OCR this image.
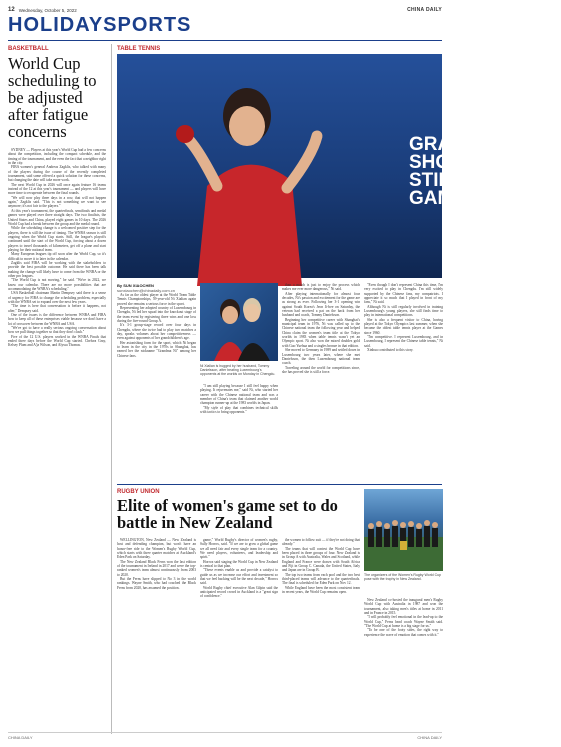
12 Wednesday, October 5, 2022	CHINA DAILY
HOLIDAYSPORTS
BASKETBALL
World Cup scheduling to be adjusted after fatigue concerns

SYDNEY — Players at this year's World Cup had a few concerns about the competition, including the compact schedule, and the timing of the tournament, and the even the fact that a neighbor right in the city.

FIBA women's general Andreas Zagklis, who talked with many of the players during the course of the recently completed tournament, said some offered a quick solution for these concerns, but changing the date will take more work.

The next World Cup in 2026 will once again feature 16 teams instead of the 12 at this year's tournament — and players will have more time to recuperate between the final rounds.

"We will now play three days in a row, that will not happen again," Zagklis said. "This is not something we want to see anymore; it's not fair to the players."

At this year's tournament, the quarterfinals, semifinals and medal games were played over three straight days. The two finalists, the United States and China, played eight games in 10 days. The 2026 World Cup had a break between the group and the medal round.

While the scheduling change is a welcomed positive step for the players, there is still the issue of timing. The WNBA season is still ongoing when the World Cup starts. Still, the league's playoffs continued until the start of the World Cup, forcing about a dozen players to travel thousands of kilometers, get off a plane and start playing for their national team.

Many European leagues tip off soon after the World Cup, so it's difficult to move it to later in the calendar.

Zagklis said FIBA will be working with the stakeholders to provide the best possible outcome. He said there has been talk making the change will likely have to come from the WNBA or the other pro leagues.

"The World Cup is not moving," he said. "We're in 2022, we know our calendar. There are no more possibilities that are accommodating the WNBA's scheduling."

USA Basketball chairman Martin Dempsey said there is a sense of urgency for FIBA to change the scheduling problem, especially with the WNBA set to expand over the next few years.

"The time is here that conversation is before it happens, not after," Dempsey said.

One of the issues is the difference between WNBA and FIBA how to keep all of these enterprises viable because we don't have a lot of crossover between the WNBA and USA.

"We've got to have a really serious ongoing conversation about how we pull things together so that they don't clash."

Five of the 12 U.S. players worked in the WNBA Finals that ended three days before the World Cup started. Chelsea Gray, Kelsey Plum and A'ja Wilson, and Alyssa Thomas.

TABLE TENNIS
GRANDMA NI SHOWS SHE'S STILL GOT GAME Evergreen 59-year-old adds to legend by shining at team world championships
By SUN XIAOCHEN
sunxiaochen@chinadaily.com.cn

As far as the oldest player at the World Team Table Tennis Championships, 59-year-old Ni Xialian again proved she remains a serious force in the sport.

Representing her adopted country of Luxembourg in Chengdu, Ni led her squad into the knockout stage of the team event by registering three wins and one loss during the five-round Group A.

It's 3-1 group-stage record over four days in Chengdu, where she twice had to play two matches a day, speaks volumes about her competitiveness — even against opponents of her grandchildren's age.

Her astonishing form for the sport, which Ni began to learn in the city in the 1970s in Shanghai, has earned her the nickname "Grandma Ni" among her Chinese fans.

Ni Xialian is hugged by her husband, Tommy Danielsson, after beating Luxembourg's opponents at the worlds on Monday in Chengdu.

"I am still playing because I still feel happy when playing. It rejuvenates me," said Ni, who started her career with the Chinese national team and was a member of China's team that claimed another world champion runner-up at the 1983 worlds in Japan.

"My style of play that combines technical skills with tactics to bring opponents."

than a match is just to enjoy the process which makes me ever more dangerous," Ni said.

After playing internationally for almost four decades, Ni's passion and excitement for the game are as strong as ever. Following her 3-1 opening win against South Korea's Jeon Ji-hee on Saturday, the veteran had received a pat on the back from her husband and coach, Tommy Danielsson.

Beginning her competitive career with Shanghai's municipal team in 1976, Ni was called up to the Chinese national team the following year and helped China claim the women's team title at the Tokyo worlds in 1983 when table tennis wasn't yet an Olympic sport. Ni also won the mixed doubles gold with Guo Yuehua and a singles bronze in that edition.

She moved to Germany in 1989 and settled down in Luxembourg two years later, where she met Danielsson, the then Luxembourg national team coach.

Traveling around the world for competitions since, she has proved she is still a force.

"Even though I don't represent China this time, I'm very excited to play in Chengdu. I'm still widely supported by the Chinese fans, my compatriots. I appreciate it so much that I played in front of my fans," Ni said.

Although Ni is still regularly involved in training Luxembourg's young players, she still finds time to play in international competitions.

She is also a frequent visitor to China, having played at the Tokyo Olympics last summer, when she became the oldest table tennis player at the Games since 1960.

"I'm competitive. I represent Luxembourg, and in Luxembourg, I represent the Chinese table tennis," Ni said.

Xinhua contributed to this story.

RUGBY UNION
Elite of women's game set to do battle in New Zealand

WELLINGTON, New Zealand — New Zealand is host and defending champion, but won't have an honor-free ride to the Women's Rugby World Cup, which starts with three quarter matches at Auckland's Eden Park on Saturday.

The New Zealand Black Ferns won the last edition of the tournament in Ireland in 2017 and were the top-ranked women's team almost continuously from 2003 to 2020.

But the Ferns have slipped to No 3 in the world rankings. Wayne Smith, who had coached the Black Ferns from 2020, has assumed the position.

game," World Rugby's director of women's rugby, Sally Horrox, said. "If we are to grow a global game we all need fair and every single team for a country. We need players, volunteers, and leadership and spirit."

Horrox said staging the World Cup in New Zealand is central to that plan.

"These events enable us and provide a catalyst to guide us as we increase our effort and investment so that we feel backing will be the next decade," Horrox said.

World Rugby chief executive Alan Gilpin said the anticipated record crowd in Auckland is a "great sign of confidence."

the women to follow suit — if they're not doing that already."

The teams that will contest the World Cup have been placed in three groups of four. New Zealand is in Group A with Australia, Wales and Scotland, while England and France were drawn with South Africa and Fiji in Group C. Canada, the United States, Italy and Japan are in Group B.

The top two teams from each pool and the two best third-placed teams will advance to the quarterfinals. The final is scheduled for Eden Park on Nov 12.

While England have been the most consistent team in recent years, the World Cup remains open.

The organizers of the Women's Rugby World Cup pose with the trophy in New Zealand.

New Zealand co-hosted the inaugural men's Rugby World Cup with Australia in 1987 and won the tournament, also taking men's titles at home in 2011 and in France in 2015.

"I will probably feel emotional in the lead-up to the World Cup," Ferns head coach Wayne Smith said. "The World Cup at home is a big stage for us."

"To be one of the footy sides, the right way to experience the wave of emotion that comes with it."

CHINA DAILY	CHINA DAILY
